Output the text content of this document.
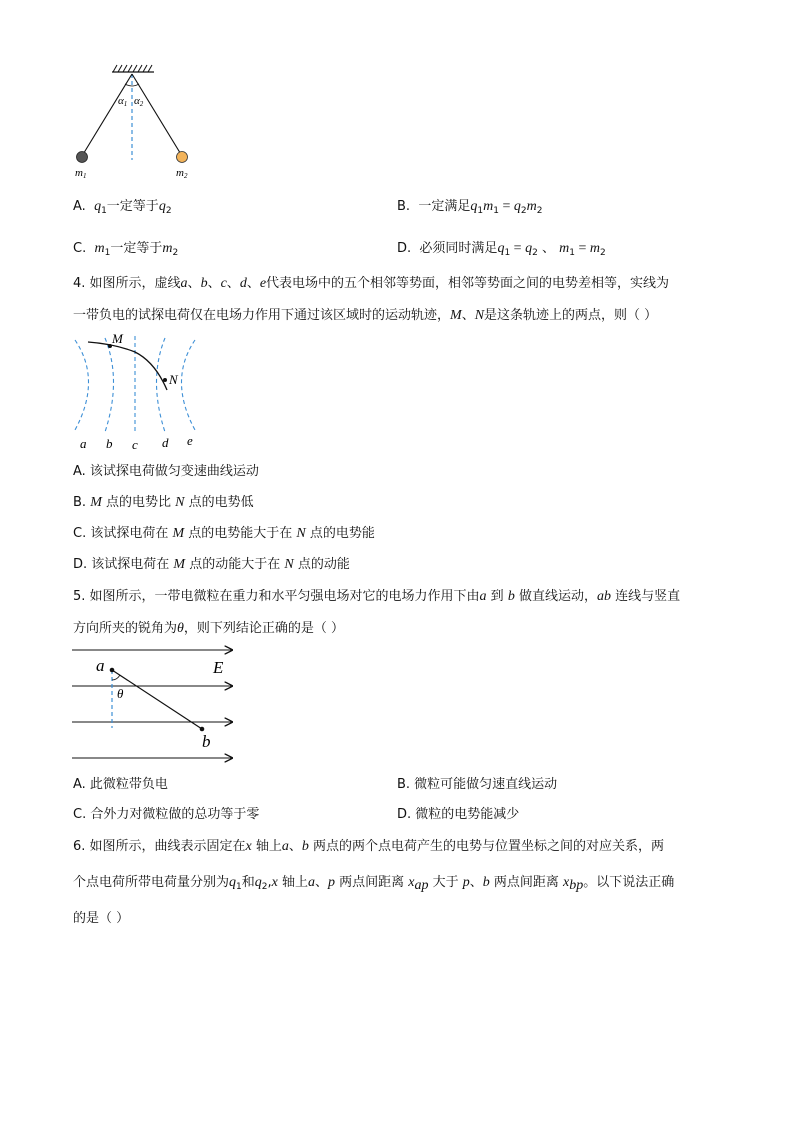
α1 α2
m1	m2
A. $q_1$一定等于$q_2$	B. 一定满足$q_1m_1 = q_2m_2$
C. $m_1$一定等于$m_2$	D. 必须同时满足$q_1 = q_2$ 、 $m_1 = m_2$
4. 如图所示，虚线a、b、c、d、e代表电场中的五个相邻等势面，相邻等势面之间的电势差相等，实线为
一带负电的试探电荷仅在电场力作用下通过该区域时的运动轨迹，M、N是这条轨迹上的两点，则（ ）
M
N
a b c d e
A. 该试探电荷做匀变速曲线运动
B. M 点的电势比 N 点的电势低
C. 该试探电荷在 M 点的电势能大于在 N 点的电势能
D. 该试探电荷在 M 点的动能大于在 N 点的动能
5. 如图所示，一带电微粒在重力和水平匀强电场对它的电场力作用下由a 到 b 做直线运动，ab 连线与竖直
方向所夹的锐角为θ，则下列结论正确的是（ ）
a	E
θ
b
A. 此微粒带负电	B. 微粒可能做匀速直线运动
C. 合外力对微粒做的总功等于零	D. 微粒的电势能减少
6. 如图所示，曲线表示固定在x 轴上a、b 两点的两个点电荷产生的电势与位置坐标之间的对应关系，两
个点电荷所带电荷量分别为$q_1$和$q_2,x$ 轴上a、p 两点间距离 $x_{ap}$ 大于 p、b 两点间距离 $x_{bp}$。以下说法正确
的是（ ）
